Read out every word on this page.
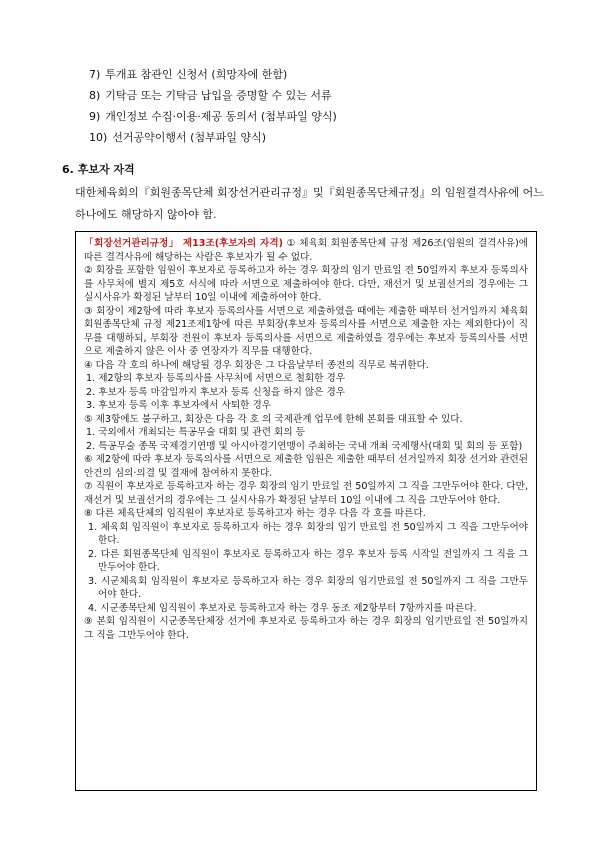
7) 투개표 참관인 신청서 (희망자에 한함)
8) 기탁금 또는 기탁금 납입을 증명할 수 있는 서류
9) 개인정보 수집·이용·제공 동의서 (첨부파일 양식)
10) 선거공약이행서 (첨부파일 양식)
6. 후보자 자격
대한체육회의『회원종목단체 회장선거관리규정』및『회원종목단체규정』의 임원결격사유에 어느 하나에도 해당하지 않아야 함.

「회장선거관리규정」 제13조(후보자의 자격) ① 체육회 회원종목단체 규정 제26조(임원의 결격사유)에 따른 결격사유에 해당하는 사람은 후보자가 될 수 없다.

② 회장을 포함한 임원이 후보자로 등록하고자 하는 경우 회장의 임기 만료일 전 50일까지 후보자 등록의사를 사무처에 별지 제5호 서식에 따라 서면으로 제출하여야 한다. 다만, 재선거 및 보궐선거의 경우에는 그 실시사유가 확정된 날부터 10일 이내에 제출하여야 한다.

③ 회장이 제2항에 따라 후보자 등록의사를 서면으로 제출하였을 때에는 제출한 때부터 선거일까지 체육회 회원종목단체 규정 제21조제1항에 따른 부회장(후보자 등록의사를 서면으로 제출한 자는 제외한다)이 직무를 대행하되, 부회장 전원이 후보자 등록의사를 서면으로 제출하였을 경우에는 후보자 등록의사를 서면으로 제출하지 않은 이사 중 연장자가 직무를 대행한다.

④ 다음 각 호의 하나에 해당될 경우 회장은 그 다음날부터 종전의 직무로 복귀한다.

1. 제2항의 후보자 등록의사를 사무처에 서면으로 철회한 경우

2. 후보자 등록 마감일까지 후보자 등록 신청을 하지 않은 경우

3. 후보자 등록 이후 후보자에서 사퇴한 경우

⑤ 제3항에도 불구하고, 회장은 다음 각 호 의 국제관계 업무에 한해 본회를 대표할 수 있다.

1. 국외에서 개최되는 특공무술 대회 및 관련 회의 등

2. 특공무술 종목 국제경기연맹 및 아시아경기연맹이 주최하는 국내 개최 국제행사(대회 및 회의 등 포함)

⑥ 제2항에 따라 후보자 등록의사를 서면으로 제출한 임원은 제출한 때부터 선거일까지 회장 선거와 관련된 안건의 심의·의결 및 결재에 참여하지 못한다.

⑦ 직원이 후보자로 등록하고자 하는 경우 회장의 임기 만료일 전 50일까지 그 직을 그만두어야 한다. 다만, 재선거 및 보궐선거의 경우에는 그 실시사유가 확정된 날부터 10일 이내에 그 직을 그만두어야 한다.

⑧ 다른 체육단체의 임직원이 후보자로 등록하고자 하는 경우 다음 각 호를 따른다.

1. 체육회 임직원이 후보자로 등록하고자 하는 경우 회장의 임기 만료일 전 50일까지 그 직을 그만두어야 한다.

2. 다른 회원종목단체 임직원이 후보자로 등록하고자 하는 경우 후보자 등록 시작일 전일까지 그 직을 그만두어야 한다.

3. 시군체육회 임직원이 후보자로 등록하고자 하는 경우 회장의 임기만료일 전 50일까지 그 직을 그만두어야 한다.

4. 시군종목단체 임직원이 후보자로 등록하고자 하는 경우 동조 제2항부터 7항까지를 따른다.

⑨ 본회 임직원이 시군종목단체장 선거에 후보자로 등록하고자 하는 경우 회장의 임기만료일 전 50일까지 그 직을 그만두어야 한다.
